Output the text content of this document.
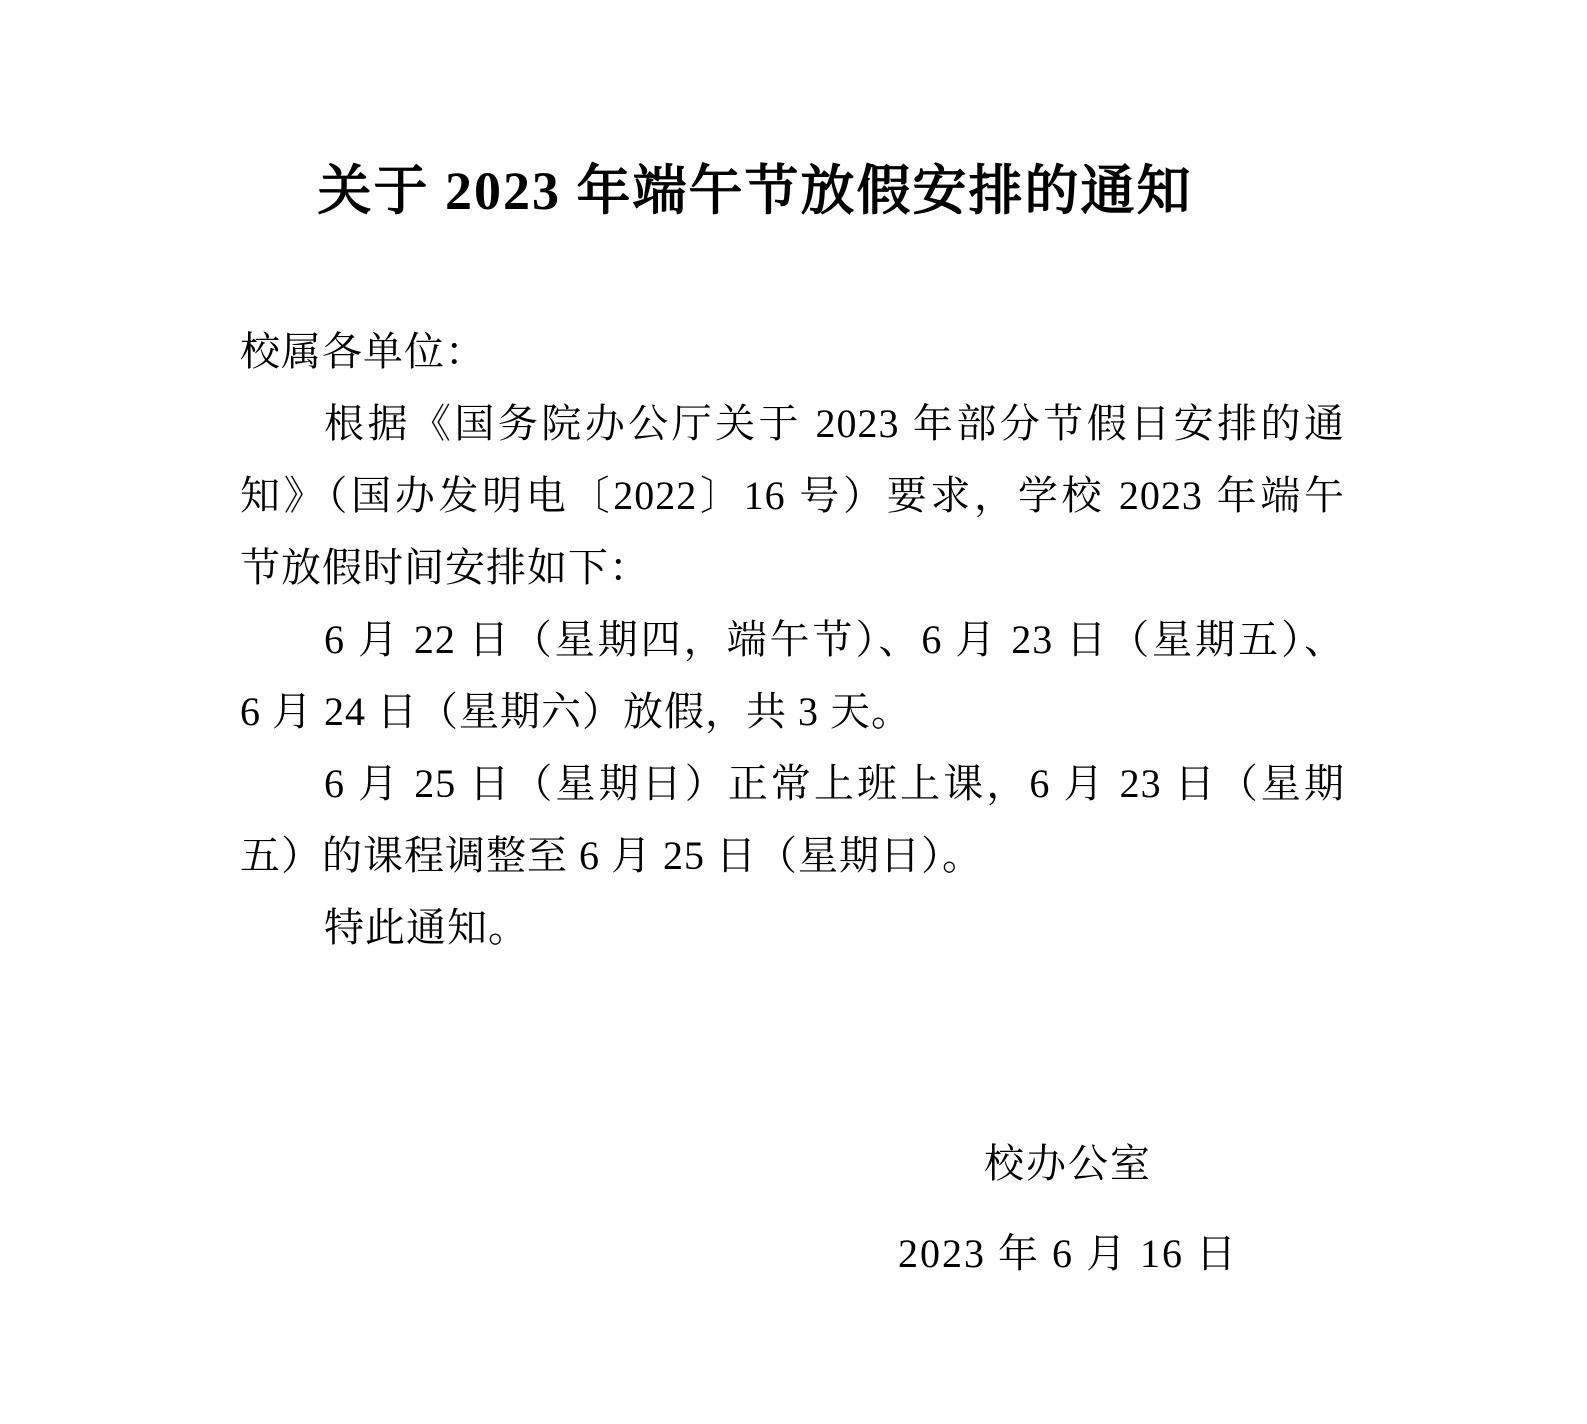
关于 2023 年端午节放假安排的通知
校属各单位：
根据《国务院办公厅关于 2023 年部分节假日安排的通
知》（国办发明电〔2022〕16 号）要求，学校 2023 年端午
节放假时间安排如下：
6 月 22 日（星期四，端午节）、6 月 23 日（星期五）、
6 月 24 日（星期六）放假，共 3 天。
6 月 25 日（星期日）正常上班上课，6 月 23 日（星期
五）的课程调整至 6 月 25 日（星期日）。
特此通知。
校办公室
2023 年 6 月 16 日
